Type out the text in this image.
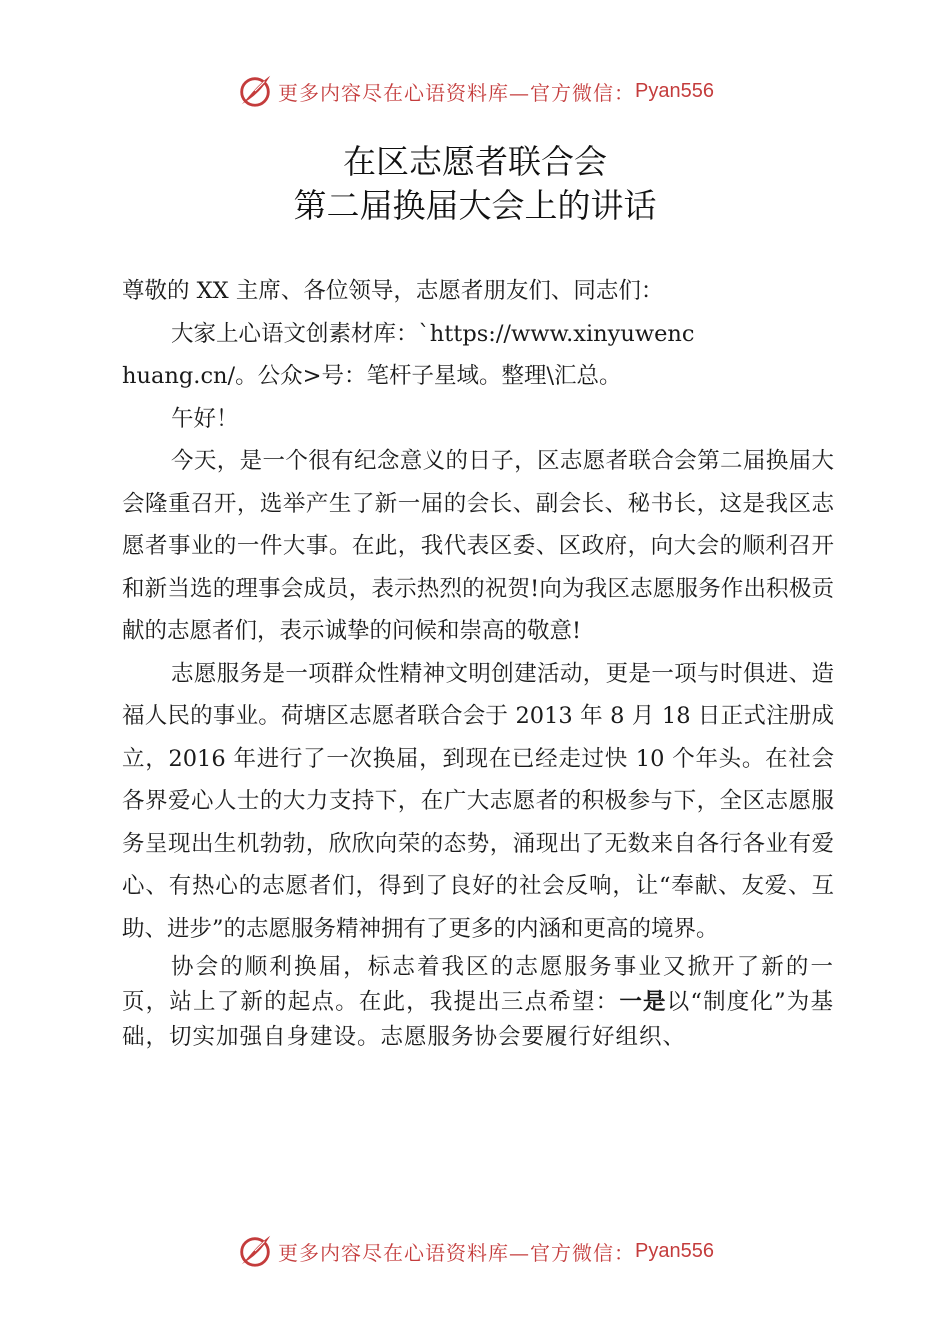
更多内容尽在心语资料库— 官方微信： Pyan556
在区志愿者联合会
第二届换届大会上的讲话

尊敬的 XX 主席、各位领导，志愿者朋友们、同志们：

大家上心语文创素材库：`https://www.xinyuwenc

huang.cn/。公众>号：笔杆子星域。整理\汇总。

午好！

今天，是一个很有纪念意义的日子，区志愿者联合会第二届换届大会隆重召开，选举产生了新一届的会长、副会长、秘书长，这是我区志愿者事业的一件大事。在此，我代表区委、区政府，向大会的顺利召开和新当选的理事会成员，表示热烈的祝贺!向为我区志愿服务作出积极贡献的志愿者们，表示诚挚的问候和崇高的敬意!

志愿服务是一项群众性精神文明创建活动，更是一项与时俱进、造福人民的事业。荷塘区志愿者联合会于 2013 年 8 月 18 日正式注册成立，2016 年进行了一次换届，到现在已经走过快 10 个年头。在社会各界爱心人士的大力支持下，在广大志愿者的积极参与下，全区志愿服务呈现出生机勃勃，欣欣向荣的态势，涌现出了无数来自各行各业有爱心、有热心的志愿者们，得到了良好的社会反响，让“奉献、友爱、互助、进步”的志愿服务精神拥有了更多的内涵和更高的境界。

协会的顺利换届，标志着我区的志愿服务事业又掀开了新的一页，站上了新的起点。在此，我提出三点希望：一是以“制度化”为基础，切实加强自身建设。志愿服务协会要履行好组织、

更多内容尽在心语资料库— 官方微信： Pyan556
